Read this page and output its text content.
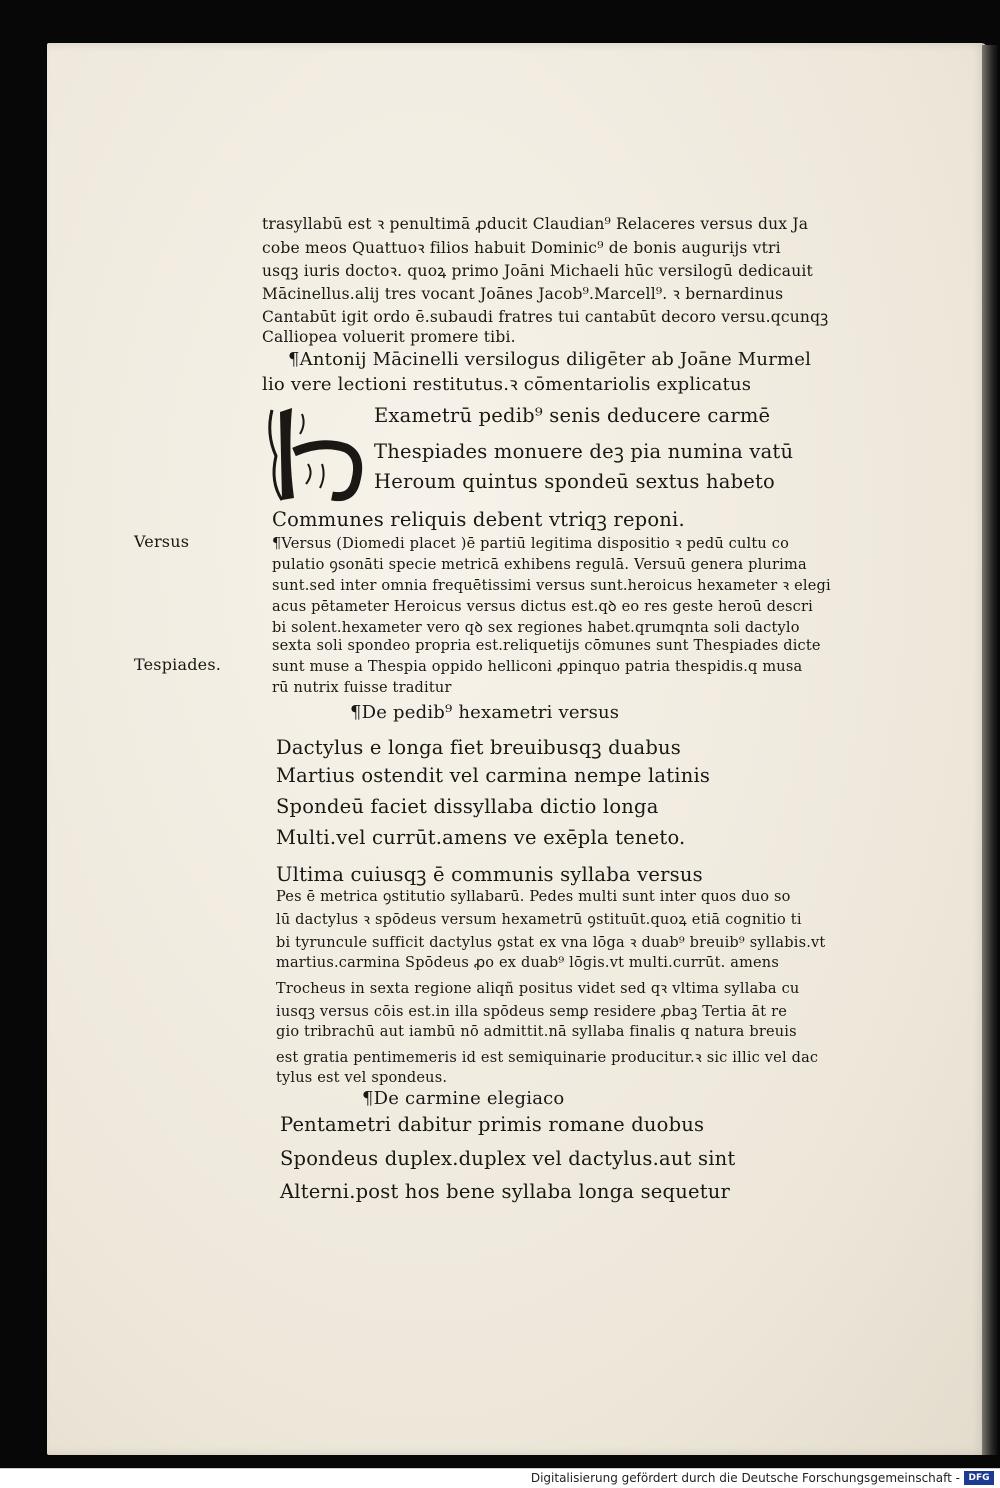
trasyllabū est ꝛ penultimā ꝓducit Claudian⁹ Relaceres versus dux Ja
cobe meos Quattuoꝛ filios habuit Dominic⁹ de bonis augurijs vtri
usqꝫ iuris doctoꝛ. quoꝝ primo Joāni Michaeli hūc versilogū dedicauit
Mācinellus.alij tres vocant Joānes Jacob⁹.Marcell⁹. ꝛ bernardinus
Cantabūt igit ordo ē.subaudi fratres tui cantabūt decoro versu.qcunqꝫ
Calliopea voluerit promere tibi.
¶Antonij Mācinelli versilogus diligēter ab Joāne Murmel
lio vere lectioni restitutus.ꝛ cōmentariolis explicatus
Exametrū pedib⁹ senis deducere carmē
Thespiades monuere deꝫ pia numina vatū
Heroum quintus spondeū sextus habeto
Communes reliquis debent vtriqꝫ reponi.
¶Versus (Diomedi placet )ē partiū legitima dispositio ꝛ pedū cultu co
pulatio ꝯsonāti specie metricā exhibens regulā. Versuū genera plurima
sunt.sed inter omnia frequētissimi versus sunt.heroicus hexameter ꝛ elegi
acus pētameter Heroicus versus dictus est.qꝺ eo res geste heroū descri
bi solent.hexameter vero qꝺ sex regiones habet.qrumqnta soli dactylo
sexta soli spondeo propria est.reliquetijs cōmunes sunt Thespiades dicte
sunt muse a Thespia oppido helliconi ꝓpinquo patria thespidis.q musa
rū nutrix fuisse traditur
¶De pedib⁹ hexametri versus
Dactylus e longa fiet breuibusqꝫ duabus
Martius ostendit vel carmina nempe latinis
Spondeū faciet dissyllaba dictio longa
Multi.vel currūt.amens ve exēpla teneto.
Ultima cuiusqꝫ ē communis syllaba versus
Pes ē metrica ꝯstitutio syllabarū. Pedes multi sunt inter quos duo so
lū dactylus ꝛ spōdeus versum hexametrū ꝯstituūt.quoꝝ etiā cognitio ti
bi tyruncule sufficit dactylus ꝯstat ex vna lōga ꝛ duab⁹ breuib⁹ syllabis.vt
martius.carmina Spōdeus ꝓo ex duab⁹ lōgis.vt multi.currūt. amens
Trocheus in sexta regione aliqñ positus videt sed qꝛ vltima syllaba cu
iusqꝫ versus cōis est.in illa spōdeus semꝑ residere ꝓbaꝫ Tertia āt re
gio tribrachū aut iambū nō admittit.nā syllaba finalis q natura breuis
est gratia pentimemeris id est semiquinarie producitur.ꝛ sic illic vel dac
tylus est vel spondeus.
¶De carmine elegiaco
Pentametri dabitur primis romane duobus
Spondeus duplex.duplex vel dactylus.aut sint
Alterni.post hos bene syllaba longa sequetur
Versus
Tespiades.
Digitalisierung gefördert durch die Deutsche Forschungsgemeinschaft - DFG
